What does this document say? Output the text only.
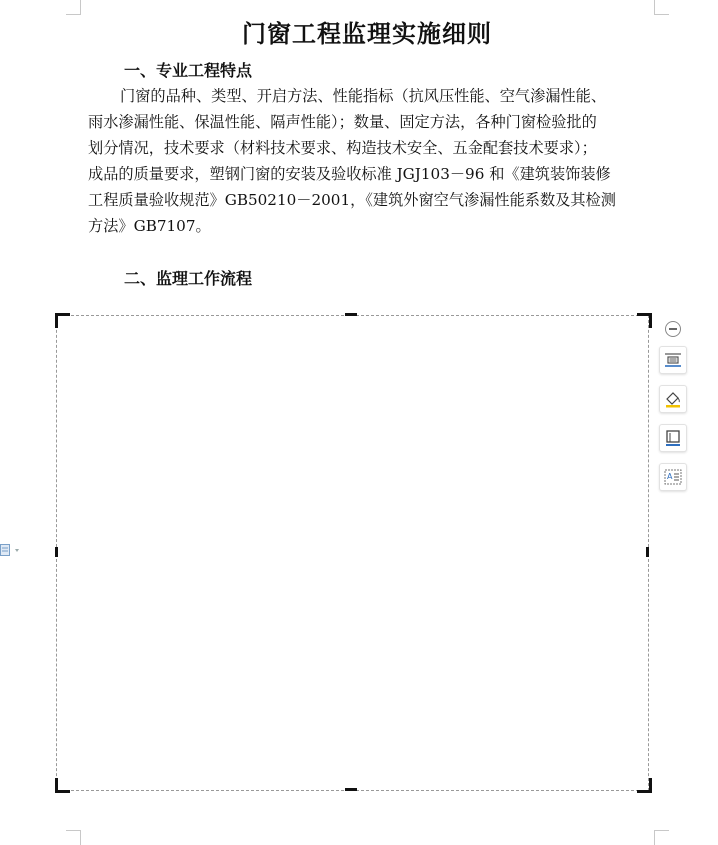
门窗工程监理实施细则
一、专业工程特点
门窗的品种、类型、开启方法、性能指标（抗风压性能、空气渗漏性能、
雨水渗漏性能、保温性能、隔声性能）；数量、固定方法，各种门窗检验批的
划分情况，技术要求（材料技术要求、构造技术安全、五金配套技术要求）；
成品的质量要求，塑钢门窗的安装及验收标准 JGJ103－96 和《建筑装饰装修
工程质量验收规范》GB50210－2001，《建筑外窗空气渗漏性能系数及其检测
方法》GB7107。
二、监理工作流程
A
